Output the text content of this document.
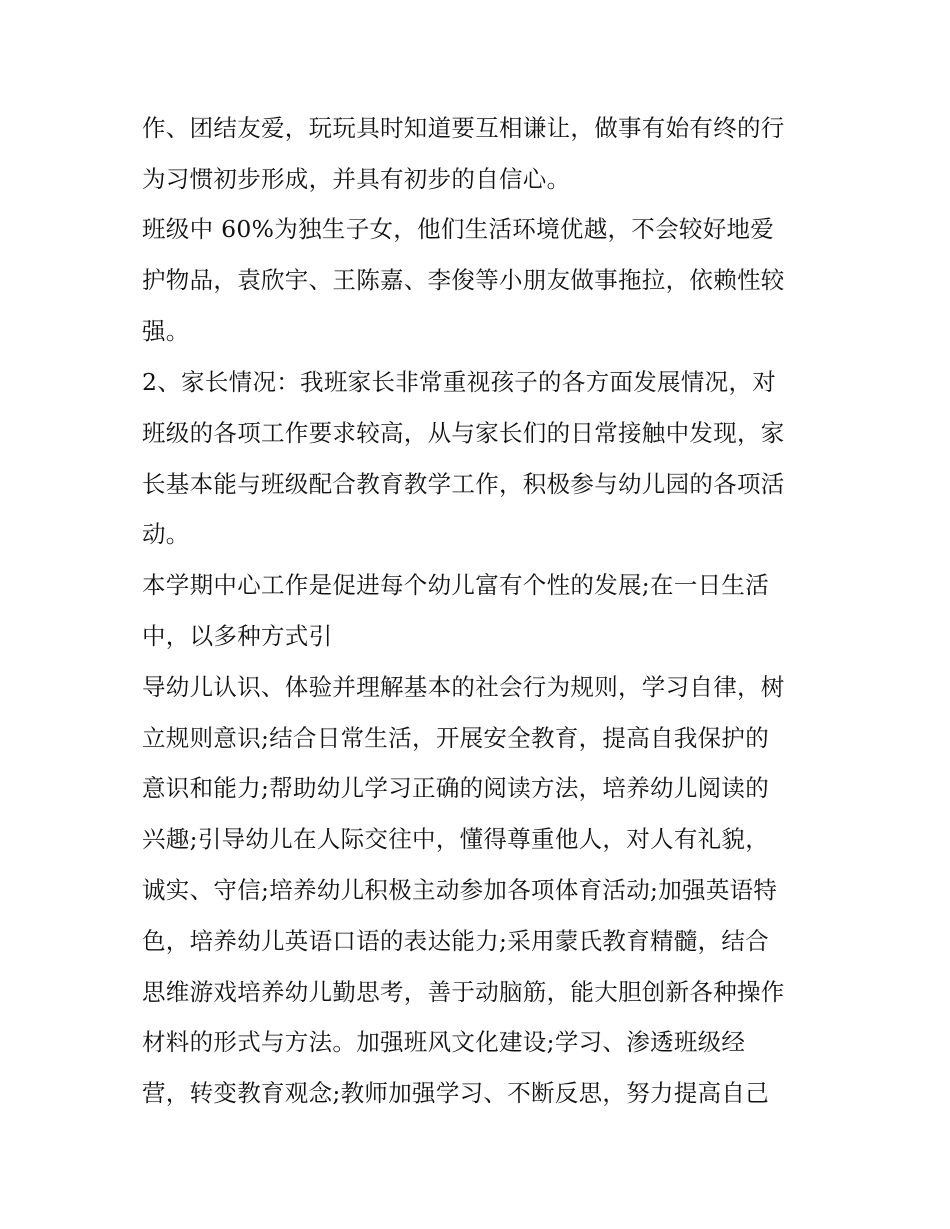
作、团结友爱，玩玩具时知道要互相谦让，做事有始有终的行
为习惯初步形成，并具有初步的自信心。
班级中 60%为独生子女，他们生活环境优越，不会较好地爱
护物品，袁欣宇、王陈嘉、李俊等小朋友做事拖拉，依赖性较
强。
2、家长情况：我班家长非常重视孩子的各方面发展情况，对
班级的各项工作要求较高，从与家长们的日常接触中发现，家
长基本能与班级配合教育教学工作，积极参与幼儿园的各项活
动。
本学期中心工作是促进每个幼儿富有个性的发展;在一日生活
中，以多种方式引
导幼儿认识、体验并理解基本的社会行为规则，学习自律，树
立规则意识;结合日常生活，开展安全教育，提高自我保护的
意识和能力;帮助幼儿学习正确的阅读方法，培养幼儿阅读的
兴趣;引导幼儿在人际交往中，懂得尊重他人，对人有礼貌，
诚实、守信;培养幼儿积极主动参加各项体育活动;加强英语特
色，培养幼儿英语口语的表达能力;采用蒙氏教育精髓，结合
思维游戏培养幼儿勤思考，善于动脑筋，能大胆创新各种操作
材料的形式与方法。加强班风文化建设;学习、渗透班级经
营，转变教育观念;教师加强学习、不断反思，努力提高自己
